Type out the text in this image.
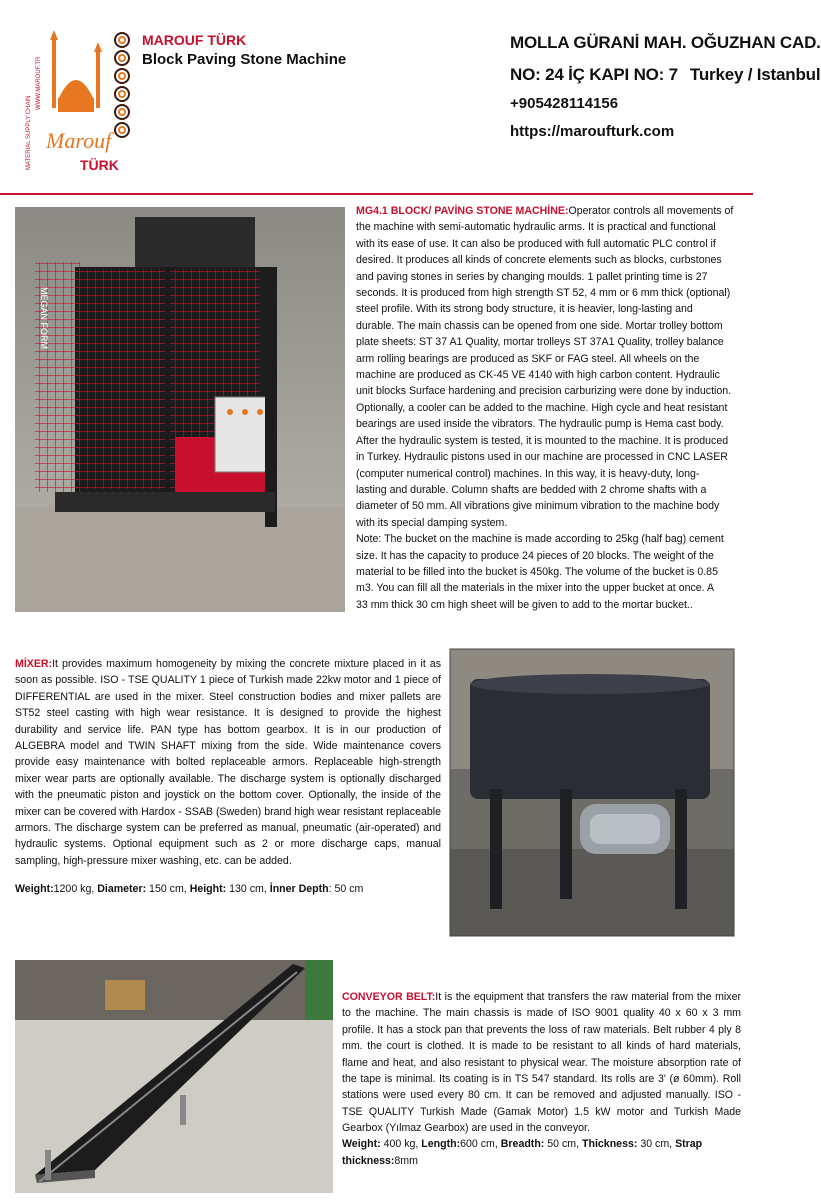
MATERIAL SUPPLY CHAIN
WWW.MAROUF.TR
Marouf
TÜRK
MAROUF TÜRK
Block Paving Stone Machine
MOLLA GÜRANİ MAH. OĞUZHAN CAD.
NO: 24 İÇ KAPI NO: 7 Turkey / Istanbul
+905428114156
https://maroufturk.com
MEGAN FORM
MG4.1 BLOCK/ PAVİNG STONE MACHİNE:Operator controls all movements of
the machine with semi-automatic hydraulic arms. It is practical and functional
with its ease of use. It can also be produced with full automatic PLC control if
desired. It produces all kinds of concrete elements such as blocks, curbstones
and paving stones in series by changing moulds. 1 pallet printing time is 27
seconds. It is produced from high strength ST 52, 4 mm or 6 mm thick (optional)
steel profile. With its strong body structure, it is heavier, long-lasting and
durable. The main chassis can be opened from one side. Mortar trolley bottom
plate sheets: ST 37 A1 Quality, mortar trolleys ST 37A1 Quality, trolley balance
arm rolling bearings are produced as SKF or FAG steel. All wheels on the
machine are produced as CK-45 VE 4140 with high carbon content. Hydraulic
unit blocks Surface hardening and precision carburizing were done by induction.
Optionally, a cooler can be added to the machine. High cycle and heat resistant
bearings are used inside the vibrators. The hydraulic pump is Hema cast body.
After the hydraulic system is tested, it is mounted to the machine. It is produced
in Turkey. Hydraulic pistons used in our machine are processed in CNC LASER
(computer numerical control) machines. In this way, it is heavy-duty, long-
lasting and durable. Column shafts are bedded with 2 chrome shafts with a
diameter of 50 mm. All vibrations give minimum vibration to the machine body
with its special damping system.
Note: The bucket on the machine is made according to 25kg (half bag) cement
size. It has the capacity to produce 24 pieces of 20 blocks. The weight of the
material to be filled into the bucket is 450kg. The volume of the bucket is 0.85
m3. You can fill all the materials in the mixer into the upper bucket at once. A
33 mm thick 30 cm high sheet will be given to add to the mortar bucket..
MİXER:It provides maximum homogeneity by mixing the concrete mixture placed in it as soon as possible. ISO - TSE QUALITY 1 piece of Turkish made 22kw motor and 1 piece of DIFFERENTIAL are used in the mixer. Steel construction bodies and mixer pallets are ST52 steel casting with high wear resistance. It is designed to provide the highest durability and service life. PAN type has bottom gearbox. It is in our production of ALGEBRA model and TWIN SHAFT mixing from the side. Wide maintenance covers provide easy maintenance with bolted replaceable armors. Replaceable high-strength mixer wear parts are optionally available. The discharge system is optionally discharged with the pneumatic piston and joystick on the bottom cover. Optionally, the inside of the mixer can be covered with Hardox - SSAB (Sweden) brand high wear resistant replaceable armors. The discharge system can be preferred as manual, pneumatic (air-operated) and hydraulic systems. Optional equipment such as 2 or more discharge caps, manual sampling, high-pressure mixer washing, etc. can be added.
Weight:1200 kg, Diameter: 150 cm, Height: 130 cm, İnner Depth: 50 cm
CONVEYOR BELT:It is the equipment that transfers the raw material from the mixer to the machine. The main chassis is made of ISO 9001 quality 40 x 60 x 3 mm profile. It has a stock pan that prevents the loss of raw materials. Belt rubber 4 ply 8 mm. the court is clothed. It is made to be resistant to all kinds of hard materials, flame and heat, and also resistant to physical wear. The moisture absorption rate of the tape is minimal. Its coating is in TS 547 standard. Its rolls are 3' (ø 60mm). Roll stations were used every 80 cm. It can be removed and adjusted manually. ISO - TSE QUALITY Turkish Made (Gamak Motor) 1.5 kW motor and Turkish Made Gearbox (Yılmaz Gearbox) are used in the conveyor.
Weight: 400 kg, Length:600 cm, Breadth: 50 cm, Thickness: 30 cm, Strap thickness:8mm
